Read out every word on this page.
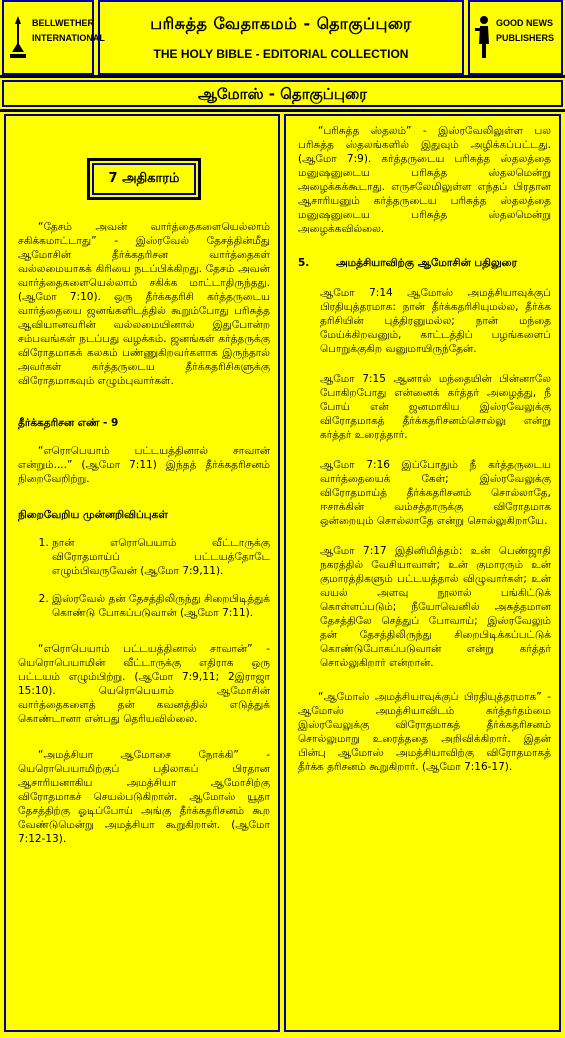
BELLWETHER INTERNATIONAL
பரிசுத்த வேதாகமம் - தொகுப்புரை
THE HOLY BIBLE - EDITORIAL COLLECTION
GOOD NEWS PUBLISHERS
ஆமோஸ் - தொகுப்புரை
7 அதிகாரம்

“தேசம் அவன் வார்த்தைகளையெல்லாம் சகிக்கமாட்டாது” - இஸ்ரவேல் தேசத்தின்மீது ஆமோசின் தீர்க்கதரிசன வார்த்தைகள் வல்லமையாகக் கிரியை நடப்பிக்கிறது. தேசம் அவன் வார்த்தைகளையெல்லாம் சகிக்க மாட்டாதிருந்தது. (ஆமோ 7:10). ஒரு தீர்க்கதரிசி கர்த்தருடைய வார்த்தையை ஜனங்களிடத்தில் கூறும்போது பரிசுத்த ஆவியானவரின் வல்லமையினால் இதுபோன்ற சம்பவங்கள் நடப்பது வழக்கம். ஜனங்கள் கர்த்தருக்கு விரோதமாகக் கலகம் பண்ணுகிறவர்களாக இருந்தால் அவர்கள் கர்த்தருடைய தீர்க்கதரிசிகளுக்கு விரோதமாகவும் எழும்புவார்கள்.

தீர்க்கதரிசன எண் - 9

“எரொபெயாம் பட்டயத்தினால் சாவான் என்றும்....” (ஆமோ 7:11) இந்தத் தீர்க்கதரிசனம் நிறைவேறிற்று.

நிறைவேறிய முன்னறிவிப்புகள்

1. நான் எரொபெயாம் வீட்டாருக்கு விரோதமாய்ப் பட்டயத்தோடே எழும்பிவருவேன் (ஆமோ 7:9,11).
2. இஸ்ரவேல் தன் தேசத்திலிருந்து சிறைபிடித்துக் கொண்டு போகப்படுவான் (ஆமோ 7:11).

“எரொபெயாம் பட்டயத்தினால் சாவான்” - யெரொபெயாமின் வீட்டாருக்கு எதிராக ஒரு பட்டயம் எழும்பிற்று. (ஆமோ 7:9,11; 2இராஜா 15:10). யெரொபெயாம் ஆமோசின் வார்த்தைகளைத் தன் கவனத்தில் எடுத்துக் கொண்டானா என்பது தெரியவில்லை.

“அமத்சியா ஆமோசை நோக்கி” - யெரொபெயாமிற்குப் பதிலாகப் பிரதான ஆசாரியனாகிய அமத்சியா ஆமோசிற்கு விரோதமாகச் செயல்படுகிறான். ஆமோஸ் யூதா தேசத்திற்கு ஓடிப்போய் அங்கு தீர்க்கதரிசனம் கூற வேண்டுமென்று அமத்சியா கூறுகிறான். (ஆமோ 7:12-13).

“பரிசுத்த ஸ்தலம்” - இஸ்ரவேலிலுள்ள பல பரிசுத்த ஸ்தலங்களில் இதுவும் அழிக்கப்பட்டது. (ஆமோ 7:9). கர்த்தருடைய பரிசுத்த ஸ்தலத்தை மனுஷனுடைய பரிசுத்த ஸ்தலமென்று அழைக்கக்கூடாது. எருசலேமிலுள்ள எந்தப் பிரதான ஆசாரியனும் கர்த்தருடைய பரிசுத்த ஸ்தலத்தை மனுஷனுடைய பரிசுத்த ஸ்தலமென்று அழைக்கவில்லை.

5.	அமத்சியாவிற்கு ஆமோசின் பதிலுரை

ஆமோ 7:14 ஆமோஸ் அமத்சியாவுக்குப் பிரதியுத்தரமாக: நான் தீர்க்கதரிசியுமல்ல, தீர்க்க தரிசியின் புத்திரனுமல்ல; நான் மந்தை மேய்க்கிறவனும், காட்டத்திப் பழங்களைப் பொறுக்குகிற வனுமாயிருந்தேன்.

ஆமோ 7:15 ஆனால் மந்தையின் பின்னாலே போகிறபோது என்னைக் கர்த்தர் அழைத்து, நீ போய் என் ஜனமாகிய இஸ்ரவேலுக்கு விரோதமாகத் தீர்க்கதரிசனம்சொல்லு என்று கர்த்தர் உரைத்தார்.

ஆமோ 7:16 இப்போதும் நீ கர்த்தருடைய வார்த்தையைக் கேள்; இஸ்ரவேலுக்கு விரோதமாய்த் தீர்க்கதரிசனம் சொல்லாதே, ஈசாக்கின் வம்சத்தாருக்கு விரோதமாக ஒன்றையும் சொல்லாதே என்று சொல்லுகிறாயே.

ஆமோ 7:17 இதினிமித்தம்: உன் பெண்ஜாதி நகரத்தில் வேசியாவாள்; உன் குமாரரும் உன் குமாரத்திகளும் பட்டயத்தால் விழுவார்கள்; உன் வயல் அளவு நூலால் பங்கிட்டுக் கொள்ளப்படும்; நீயோவெனில் அசுத்தமான தேசத்திலே செத்துப் போவாய்; இஸ்ரவேலும் தன் தேசத்திலிருந்து சிறைபிடிக்கப்பட்டுக் கொண்டுபோகப்படுவான் என்று கர்த்தர் சொல்லுகிறார் என்றான்.

“ஆமோஸ் அமத்சியாவுக்குப் பிரதியுத்தரமாக” - ஆமோஸ் அமத்சியாவிடம் கர்த்தர்தம்மை இஸ்ரவேலுக்கு விரோதமாகத் தீர்க்கதரிசனம் சொல்லுமாறு உரைத்ததை அறிவிக்கிறார். இதன் பின்பு ஆமோஸ் அமத்சியாவிற்கு விரோதமாகத் தீர்க்க தரிசனம் கூறுகிறார். (ஆமோ 7:16-17).
